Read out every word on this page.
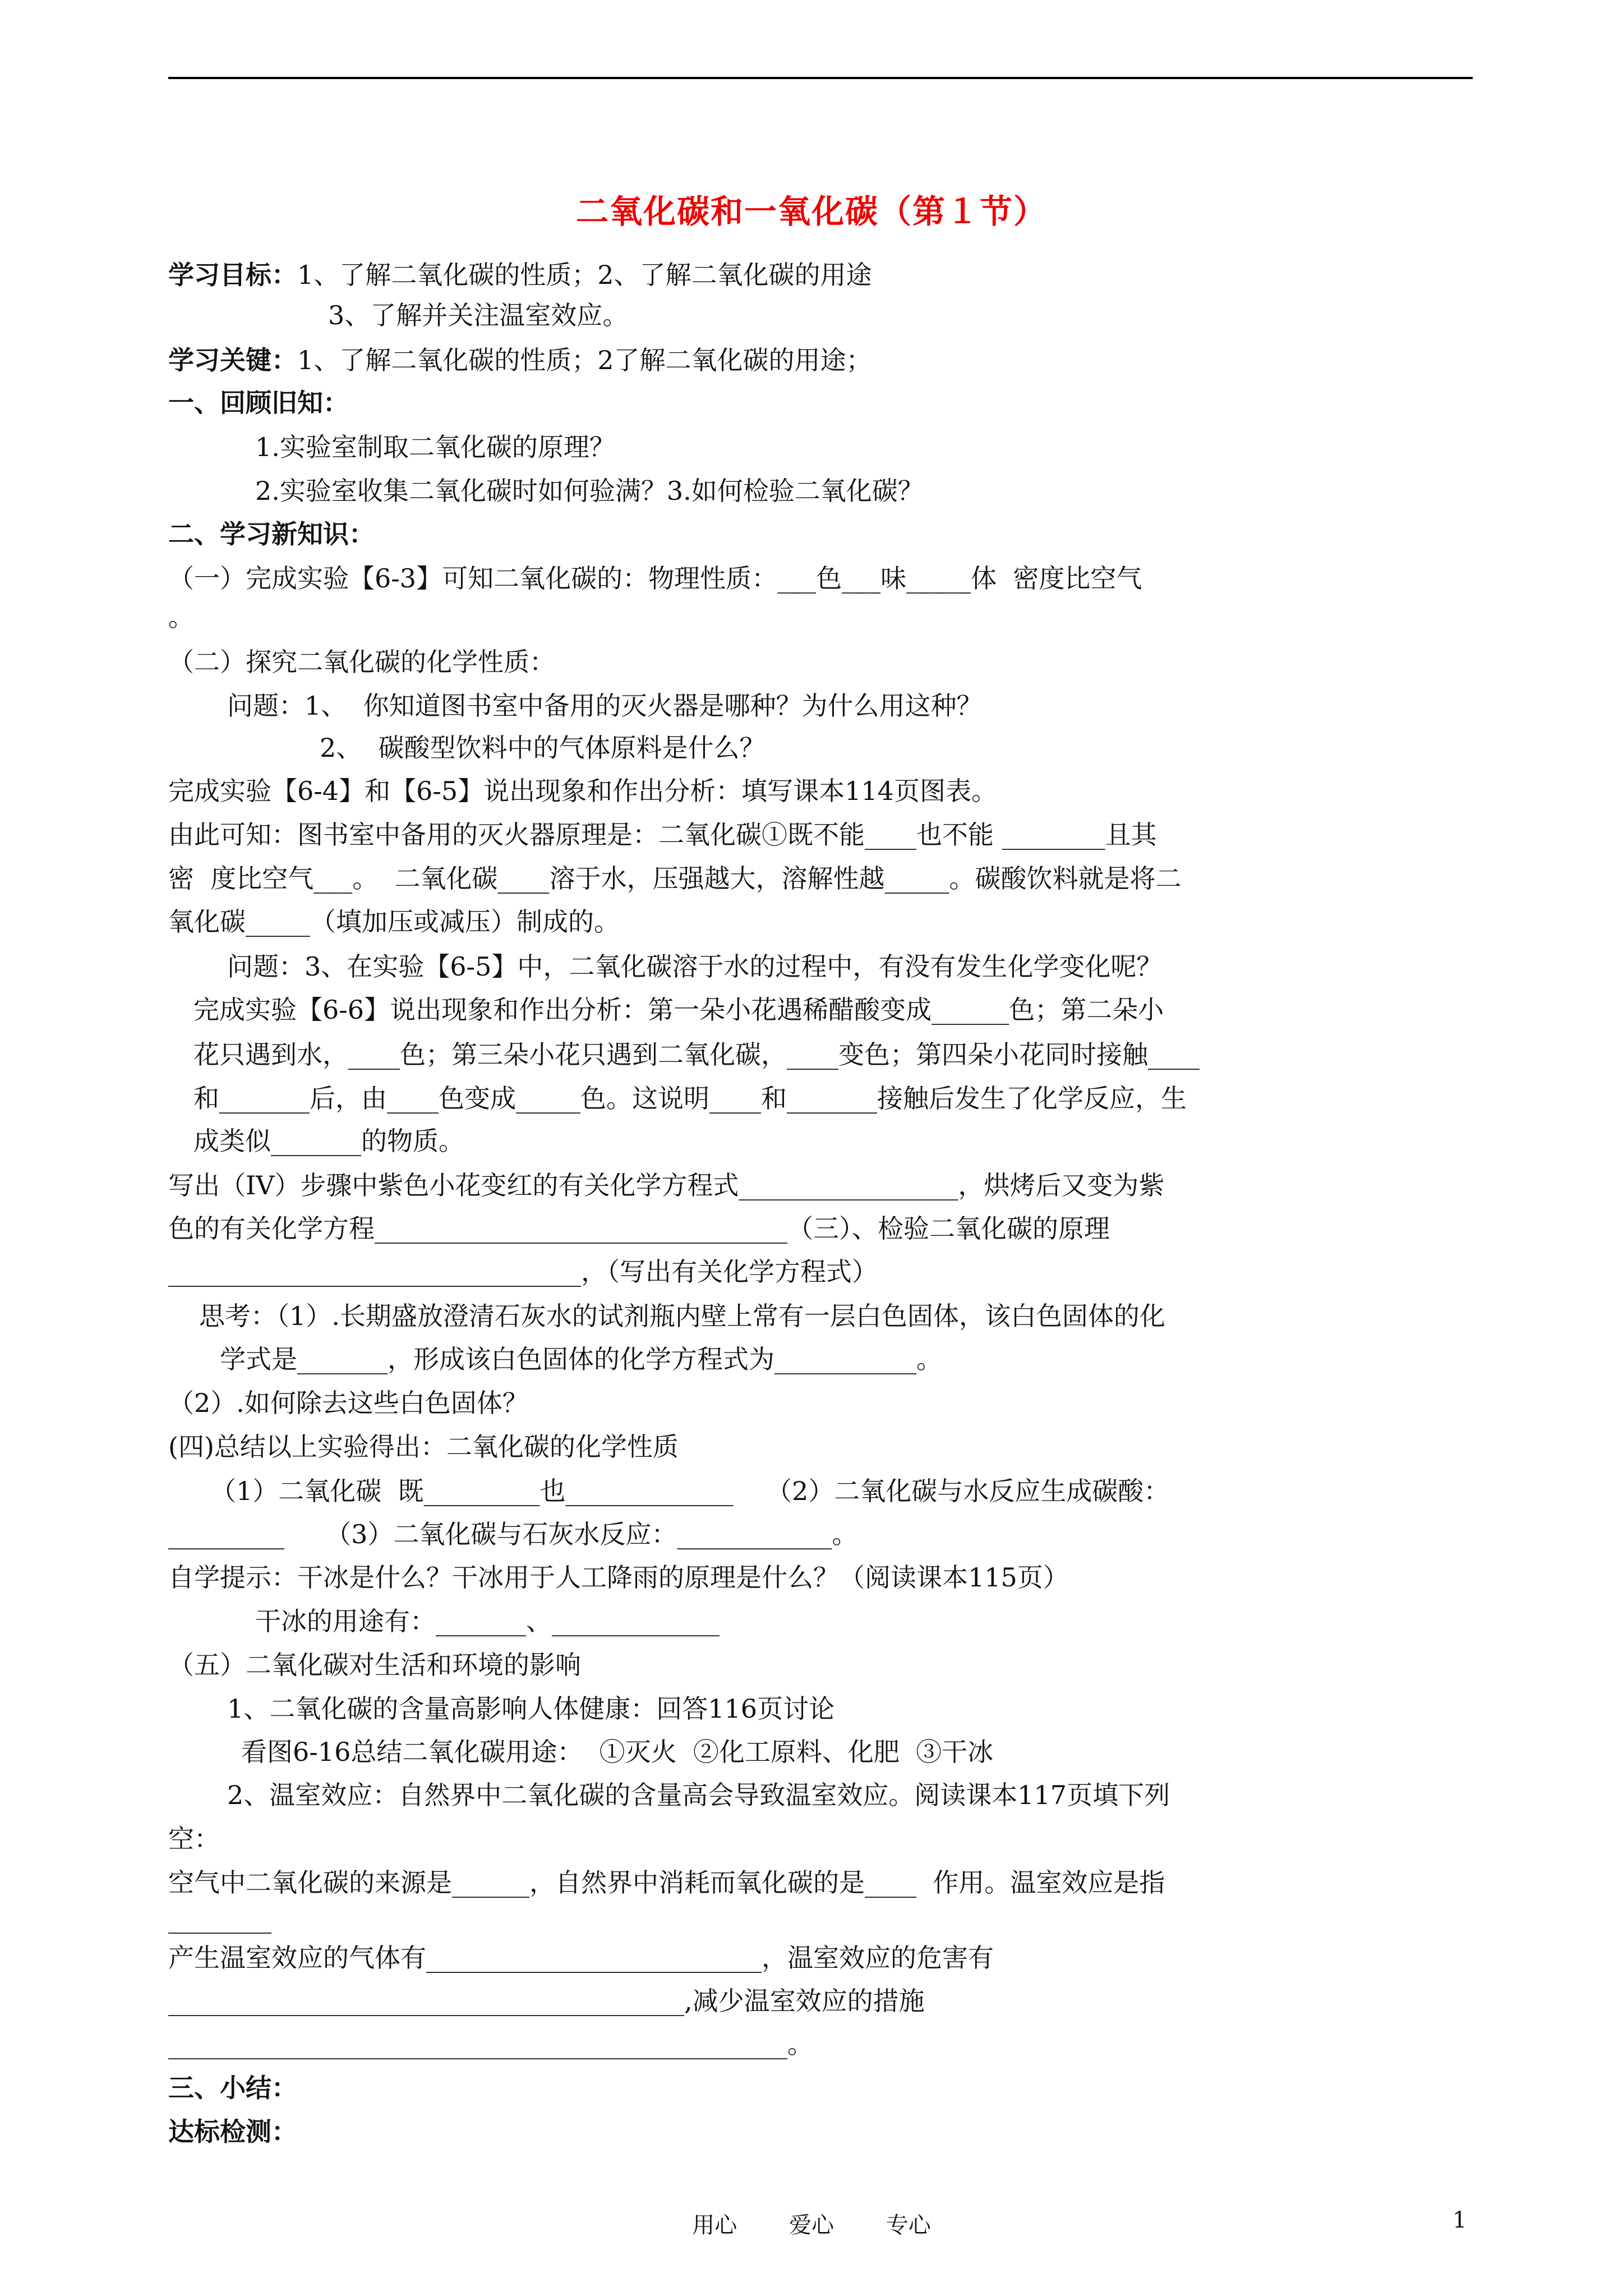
二氧化碳和一氧化碳（第１节）
学习目标：1、了解二氧化碳的性质；2、了解二氧化碳的用途
3、了解并关注温室效应。
学习关键：1、了解二氧化碳的性质；2了解二氧化碳的用途；
一、回顾旧知：
1.实验室制取二氧化碳的原理？
2.实验室收集二氧化碳时如何验满？3.如何检验二氧化碳？
二、学习新知识：
（一）完成实验【6-3】可知二氧化碳的：物理性质：___色___味_____体  密度比空气
。
（二）探究二氧化碳的化学性质：
问题：1、  你知道图书室中备用的灭火器是哪种？为什么用这种？
2、  碳酸型饮料中的气体原料是什么？
完成实验【6-4】和【6-5】说出现象和作出分析：填写课本114页图表。
由此可知：图书室中备用的灭火器原理是：二氧化碳①既不能____也不能 ________且其
密  度比空气___。  二氧化碳____溶于水，压强越大，溶解性越_____。碳酸饮料就是将二
氧化碳_____（填加压或减压）制成的。
问题：3、在实验【6-5】中，二氧化碳溶于水的过程中，有没有发生化学变化呢？
完成实验【6-6】说出现象和作出分析：第一朵小花遇稀醋酸变成______色；第二朵小
花只遇到水，____色；第三朵小花只遇到二氧化碳，____变色；第四朵小花同时接触____
和_______后，由____色变成_____色。这说明____和_______接触后发生了化学反应，生
成类似_______的物质。
写出（IV）步骤中紫色小花变红的有关化学方程式_________________，烘烤后又变为紫
色的有关化学方程________________________________（三）、检验二氧化碳的原理
________________________________，（写出有关化学方程式）
思考：（1）.长期盛放澄清石灰水的试剂瓶内壁上常有一层白色固体，该白色固体的化
学式是_______，形成该白色固体的化学方程式为___________。
（2）.如何除去这些白色固体？
(四)总结以上实验得出：二氧化碳的化学性质
（1）二氧化碳  既_________也_____________    （2）二氧化碳与水反应生成碳酸：
_________     （3）二氧化碳与石灰水反应：____________。
自学提示：干冰是什么？干冰用于人工降雨的原理是什么？（阅读课本115页）
干冰的用途有：_______、_____________
（五）二氧化碳对生活和环境的影响
1、二氧化碳的含量高影响人体健康：回答116页讨论
看图6-16总结二氧化碳用途：  ①灭火  ②化工原料、化肥  ③干冰
2、温室效应：自然界中二氧化碳的含量高会导致温室效应。阅读课本117页填下列
空：
空气中二氧化碳的来源是______，自然界中消耗而氧化碳的是____  作用。温室效应是指
________
产生温室效应的气体有__________________________，温室效应的危害有
________________________________________,减少温室效应的措施
________________________________________________。
三、小结：
达标检测：
用心 爱心 专心	1
